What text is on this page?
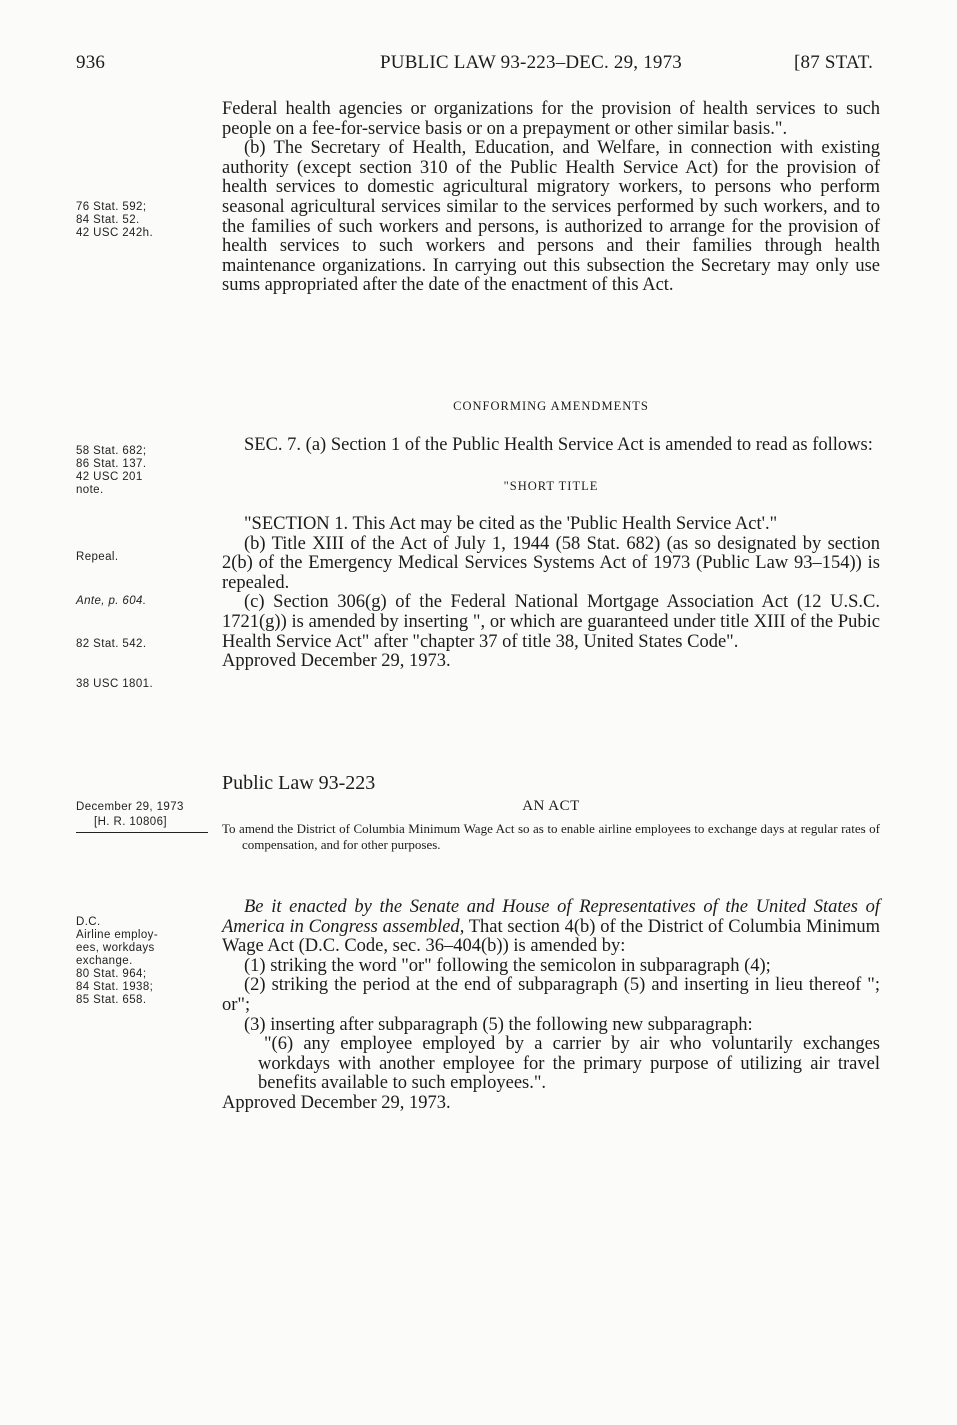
936	PUBLIC LAW 93-223–DEC. 29, 1973	[87 STAT.

Federal health agencies or organizations for the provision of health services to such people on a fee-for-service basis or on a prepayment or other similar basis.".

(b) The Secretary of Health, Education, and Welfare, in connection with existing authority (except section 310 of the Public Health Service Act) for the provision of health services to domestic agricultural migratory workers, to persons who perform seasonal agricultural services similar to the services performed by such workers, and to the families of such workers and persons, is authorized to arrange for the provision of health services to such workers and persons and their families through health maintenance organizations. In carrying out this subsection the Secretary may only use sums appropriated after the date of the enactment of this Act.

76 Stat. 592;
84 Stat. 52.
42 USC 242h.
58 Stat. 682;
86 Stat. 137.
42 USC 201
note.
Repeal.
Ante, p. 604.
82 Stat. 542.
38 USC 1801.
CONFORMING AMENDMENTS

SEC. 7. (a) Section 1 of the Public Health Service Act is amended to read as follows:

"SHORT TITLE

"SECTION 1. This Act may be cited as the 'Public Health Service Act'."

(b) Title XIII of the Act of July 1, 1944 (58 Stat. 682) (as so designated by section 2(b) of the Emergency Medical Services Systems Act of 1973 (Public Law 93–154)) is repealed.

(c) Section 306(g) of the Federal National Mortgage Association Act (12 U.S.C. 1721(g)) is amended by inserting ", or which are guaranteed under title XIII of the Pubic Health Service Act" after "chapter 37 of title 38, United States Code".

Approved December 29, 1973.

Public Law 93-223
December 29, 1973
[H. R. 10806]
AN ACT

To amend the District of Columbia Minimum Wage Act so as to enable airline employees to exchange days at regular rates of compensation, and for other purposes.

D.C.
Airline employ-
ees, workdays
exchange.
80 Stat. 964;
84 Stat. 1938;
85 Stat. 658.

Be it enacted by the Senate and House of Representatives of the United States of America in Congress assembled, That section 4(b) of the District of Columbia Minimum Wage Act (D.C. Code, sec. 36–404(b)) is amended by:

(1) striking the word "or" following the semicolon in subparagraph (4);

(2) striking the period at the end of subparagraph (5) and inserting in lieu thereof "; or";

(3) inserting after subparagraph (5) the following new subparagraph:

"(6) any employee employed by a carrier by air who voluntarily exchanges workdays with another employee for the primary purpose of utilizing air travel benefits available to such employees.".

Approved December 29, 1973.
